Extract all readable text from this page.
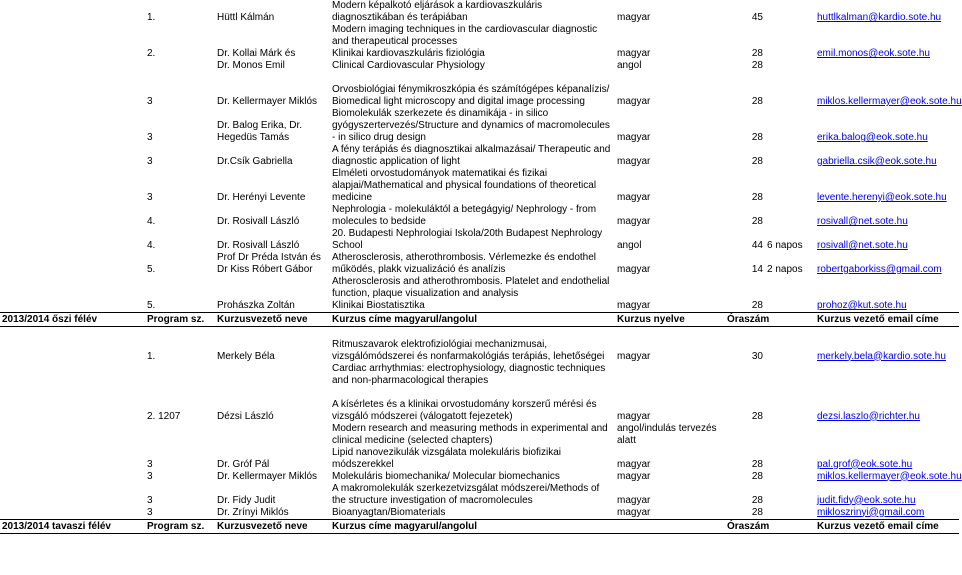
	1.	Hüttl Kálmán	Modern képalkotó eljárások a kardiovaszkuláris diagnosztikában és terápiában	magyar	45		huttlkalman@kardio.sote.hu
			Modern imaging techniques in the cardiovascular diagnostic and therapeutical processes				
	2.	Dr. Kollai Márk és	Klinikai kardiovaszkuláris fiziológia	magyar	28		emil.monos@eok.sote.hu
		Dr. Monos Emil	Clinical Cardiovascular Physiology	angol	28		
	3	Dr. Kellermayer Miklós	Orvosbiológiai fénymikroszkópia és számítógépes képanalízis/ Biomedical light microscopy and digital image processing	magyar	28		miklos.kellermayer@eok.sote.hu
	3	Dr. Balog Erika, Dr. Hegedüs Tamás	Biomolekulák szerkezete és dinamikája - in silico gyógyszertervezés/Structure and dynamics of macromolecules - in silico drug design	magyar	28		erika.balog@eok.sote.hu
	3	Dr.Csík Gabriella	A fény terápiás és diagnosztikai alkalmazásai/ Therapeutic and diagnostic application of light	magyar	28		gabriella.csik@eok.sote.hu
	3	Dr. Herényi Levente	Elméleti orvostudományok matematikai és fizikai alapjai/Mathematical and physical foundations of theoretical medicine	magyar	28		levente.herenyi@eok.sote.hu
	4.	Dr. Rosivall László	Nephrologia - molekuláktól a betegágyig/ Nephrology - from molecules to bedside	magyar	28		rosivall@net.sote.hu
	4.	Dr. Rosivall László	20. Budapesti Nephrologiai Iskola/20th Budapest Nephrology School	angol	44	6 napos	rosivall@net.sote.hu
	5.	Prof Dr Préda István és Dr Kiss Róbert Gábor	Atherosclerosis, atherothrombosis. Vérlemezke és endothel működés, plakk vizualizáció és analízis	magyar	14	2 napos	robertgaborkiss@gmail.com
			Atherosclerosis and atherothrombosis. Platelet and endothelial function, plaque visualization and analysis				
	5.	Prohászka Zoltán	Klinikai Biostatisztika	magyar	28		prohoz@kut.sote.hu
2013/2014 őszi félév	Program sz.	Kurzusvezető neve	Kurzus címe magyarul/angolul	Kurzus nyelve	Óraszám		Kurzus vezető email címe
	1.	Merkely Béla	Ritmuszavarok elektrofiziológiai mechanizmusai, vizsgálómódszerei és nonfarmakológiás terápiás, lehetőségei	magyar	30		merkely.bela@kardio.sote.hu
			Cardiac arrhythmias: electrophysiology, diagnostic techniques and non-pharmacological therapies				
	2. 1207	Dézsi László	A kísérletes és a klinikai orvostudomány korszerű mérési és vizsgáló módszerei (válogatott fejezetek)	magyar	28		dezsi.laszlo@richter.hu
			Modern research and measuring methods in experimental and clinical medicine (selected chapters)	angol/indulás tervezés alatt			
	3	Dr. Gróf Pál	Lipid nanovezikulák vizsgálata molekuláris biofizikai módszerekkel	magyar	28		pal.grof@eok.sote.hu
	3	Dr. Kellermayer Miklós	Molekuláris biomechanika/ Molecular biomechanics	magyar	28		miklos.kellermayer@eok.sote.hu
	3	Dr. Fidy Judit	A makromolekulák szerkezetvizsgálat módszerei/Methods of the structure investigation of macromolecules	magyar	28		judit.fidy@eok.sote.hu
	3	Dr. Zrínyi Miklós	Bioanyagtan/Biomaterials	magyar	28		mikloszrinyi@gmail.com
2013/2014 tavaszi félév	Program sz.	Kurzusvezető neve	Kurzus címe magyarul/angolul		Óraszám		Kurzus vezető email címe
